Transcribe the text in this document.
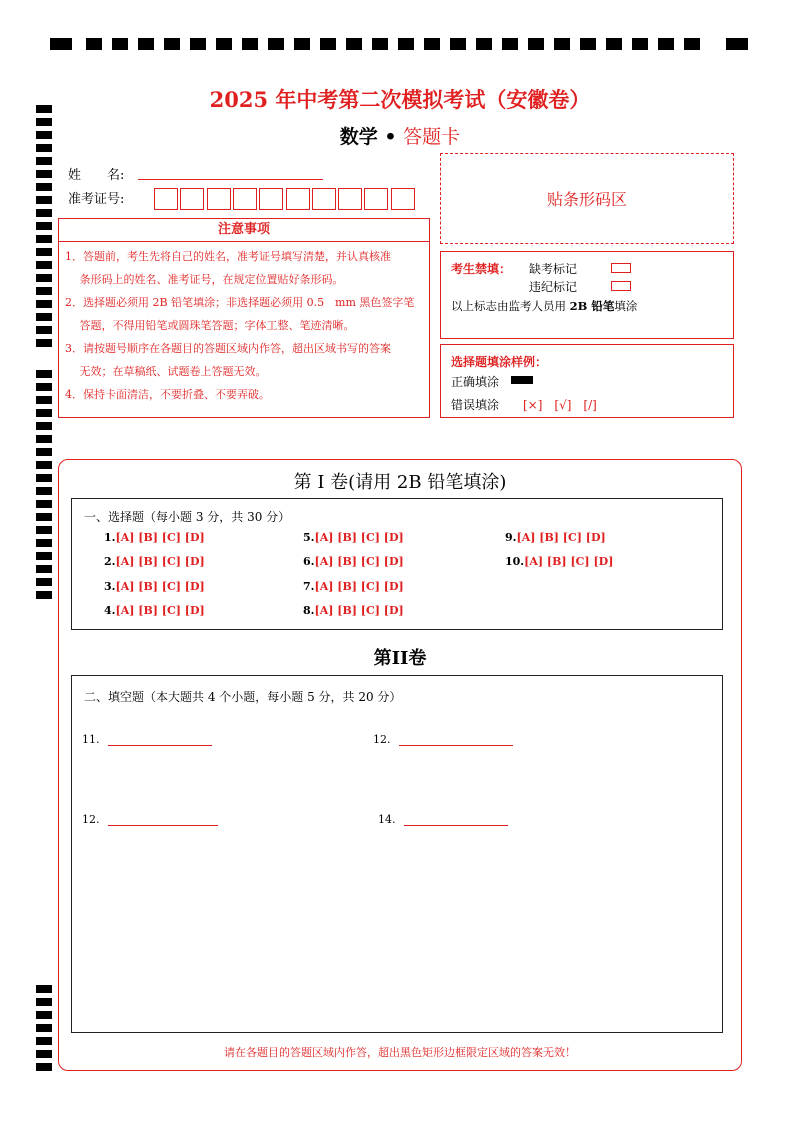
2025 年中考第二次模拟考试（安徽卷）
数学 • 答题卡
姓　　名:
准考证号:	贴条形码区
注意事项
1．答题前，考生先将自己的姓名，准考证号填写清楚，并认真核准
　 条形码上的姓名、准考证号，在规定位置贴好条形码。
2．选择题必须用 2B 铅笔填涂；非选择题必须用 0.5　mm 黑色签字笔
　 答题，不得用铅笔或圆珠笔答题；字体工整、笔迹清晰。
3．请按题号顺序在各题目的答题区域内作答，超出区域书写的答案
　 无效；在草稿纸、试题卷上答题无效。
4．保持卡面清洁，不要折叠、不要弄破。
考生禁填： 缺考标记
违纪标记
以上标志由监考人员用 2B 铅笔填涂
选择题填涂样例：
正确填涂
错误填涂 [×]　[√]　[/]
第 I 卷(请用 2B 铅笔填涂)
一、选择题（每小题 3 分，共 30 分）
1.[A] [B] [C] [D]
2.[A] [B] [C] [D]
3.[A] [B] [C] [D]
4.[A] [B] [C] [D]
5.[A] [B] [C] [D]
6.[A] [B] [C] [D]
7.[A] [B] [C] [D]
8.[A] [B] [C] [D]
9.[A] [B] [C] [D]
10.[A] [B] [C] [D]
第II卷
二、填空题（本大题共 4 个小题，每小题 5 分，共 20 分）
11.	12.
12.	14.
请在各题目的答题区域内作答，超出黑色矩形边框限定区域的答案无效！
